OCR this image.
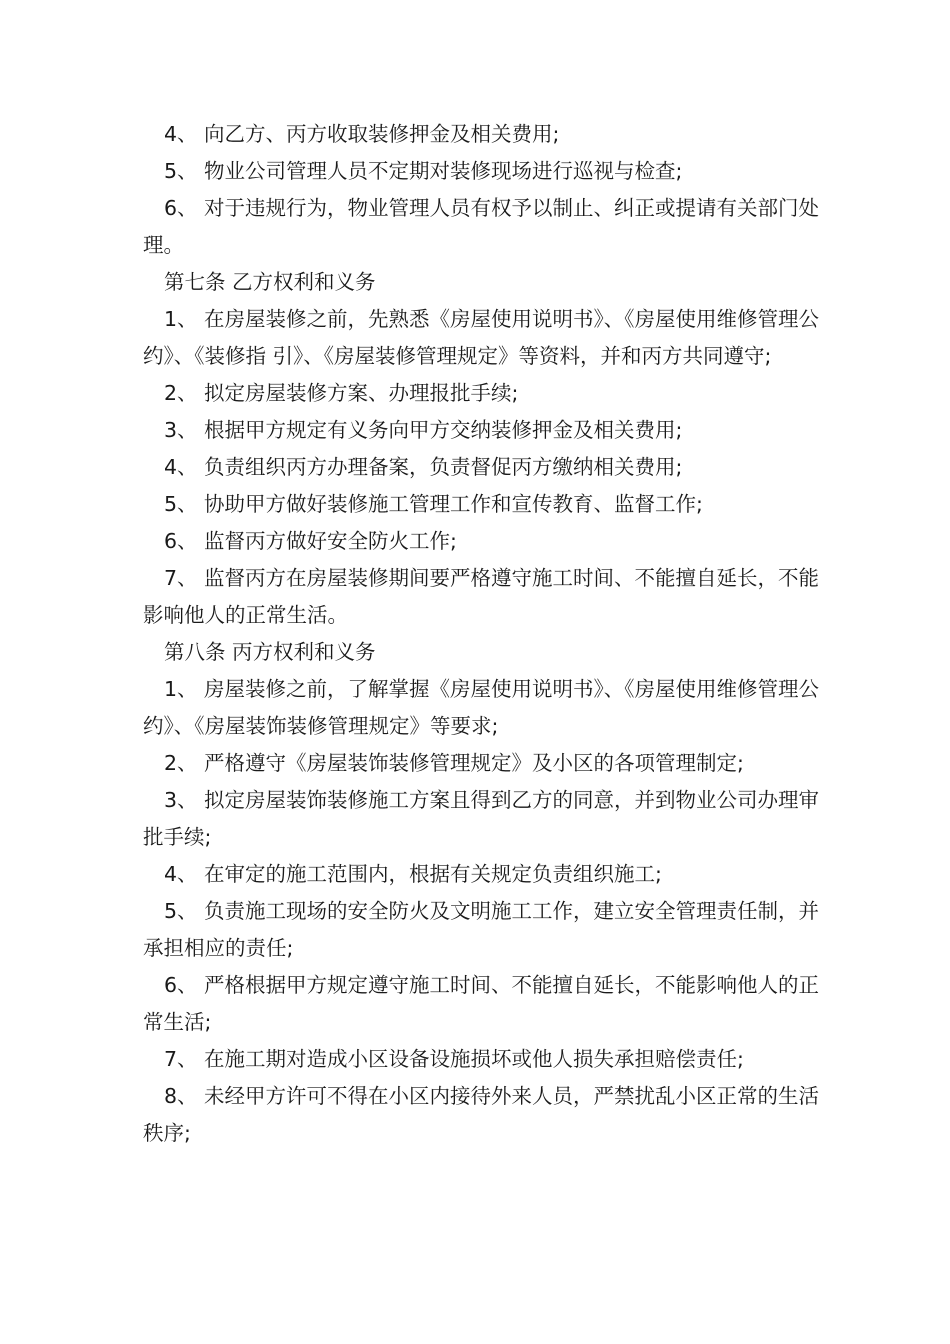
4、 向乙方、丙方收取装修押金及相关费用;

5、 物业公司管理人员不定期对装修现场进行巡视与检查;

6、 对于违规行为，物业管理人员有权予以制止、纠正或提请有关部门处理。

第七条 乙方权利和义务

1、 在房屋装修之前，先熟悉《房屋使用说明书》、《房屋使用维修管理公约》、《装修指 引》、《房屋装修管理规定》等资料，并和丙方共同遵守;

2、 拟定房屋装修方案、办理报批手续;

3、 根据甲方规定有义务向甲方交纳装修押金及相关费用;

4、 负责组织丙方办理备案，负责督促丙方缴纳相关费用;

5、 协助甲方做好装修施工管理工作和宣传教育、监督工作;

6、 监督丙方做好安全防火工作;

7、 监督丙方在房屋装修期间要严格遵守施工时间、不能擅自延长，不能影响他人的正常生活。

第八条 丙方权利和义务

1、 房屋装修之前，了解掌握《房屋使用说明书》、《房屋使用维修管理公约》、《房屋装饰装修管理规定》等要求;

2、 严格遵守《房屋装饰装修管理规定》及小区的各项管理制定;

3、 拟定房屋装饰装修施工方案且得到乙方的同意，并到物业公司办理审批手续;

4、 在审定的施工范围内，根据有关规定负责组织施工;

5、 负责施工现场的安全防火及文明施工工作，建立安全管理责任制，并承担相应的责任;

6、 严格根据甲方规定遵守施工时间、不能擅自延长，不能影响他人的正常生活;

7、 在施工期对造成小区设备设施损坏或他人损失承担赔偿责任;

8、 未经甲方许可不得在小区内接待外来人员，严禁扰乱小区正常的生活秩序;
